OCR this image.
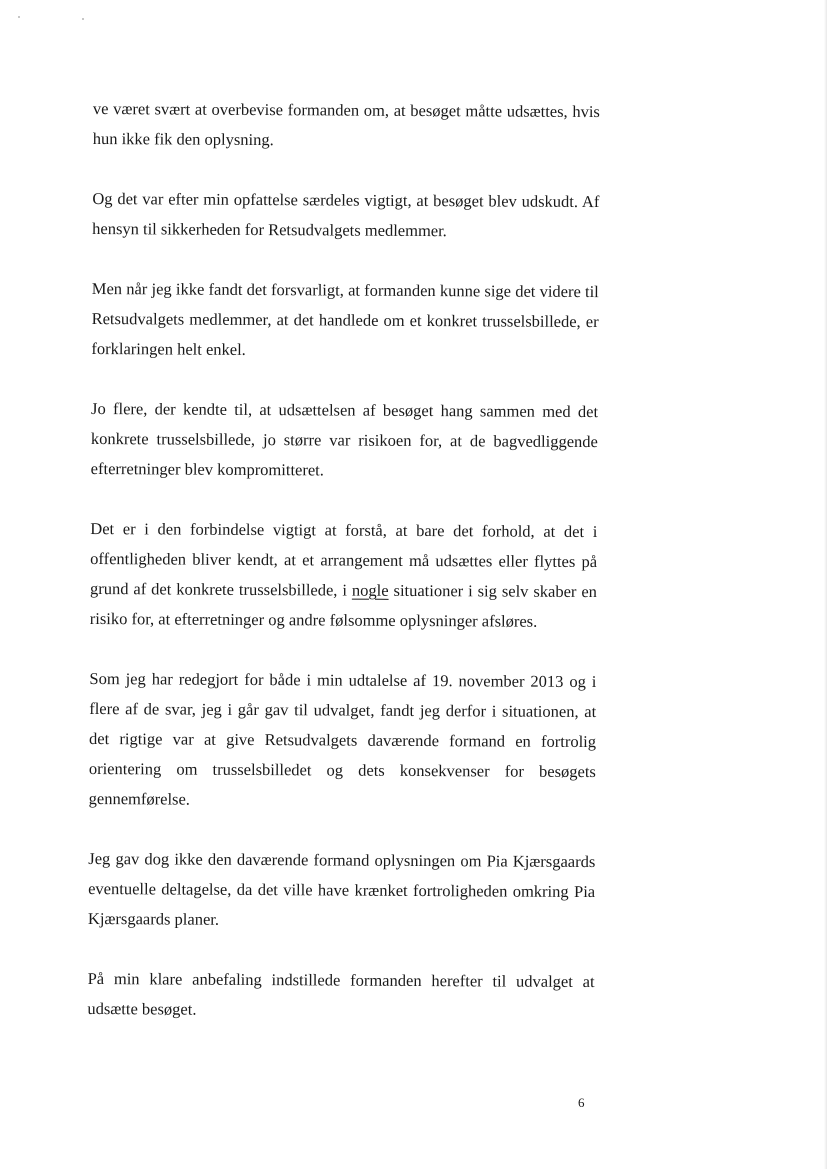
ve været svært at overbevise formanden om, at besøget måtte udsættes, hvis hun ikke fik den oplysning.

Og det var efter min opfattelse særdeles vigtigt, at besøget blev udskudt. Af hensyn til sikkerheden for Retsudvalgets medlemmer.

Men når jeg ikke fandt det forsvarligt, at formanden kunne sige det videre til Retsudvalgets medlemmer, at det handlede om et konkret trusselsbillede, er forklaringen helt enkel.

Jo flere, der kendte til, at udsættelsen af besøget hang sammen med det konkrete trusselsbillede, jo større var risikoen for, at de bagvedliggende efterretninger blev kompromitteret.

Det er i den forbindelse vigtigt at forstå, at bare det forhold, at det i offentligheden bliver kendt, at et arrangement må udsættes eller flyttes på grund af det konkrete trusselsbillede, i nogle situationer i sig selv skaber en risiko for, at efterretninger og andre følsomme oplysninger afsløres.

Som jeg har redegjort for både i min udtalelse af 19. november 2013 og i flere af de svar, jeg i går gav til udvalget, fandt jeg derfor i situationen, at det rigtige var at give Retsudvalgets daværende formand en fortrolig orientering om trusselsbilledet og dets konsekvenser for besøgets gennemførelse.

Jeg gav dog ikke den daværende formand oplysningen om Pia Kjærsgaards eventuelle deltagelse, da det ville have krænket fortroligheden omkring Pia Kjærsgaards planer.

På min klare anbefaling indstillede formanden herefter til udvalget at udsætte besøget.

6
